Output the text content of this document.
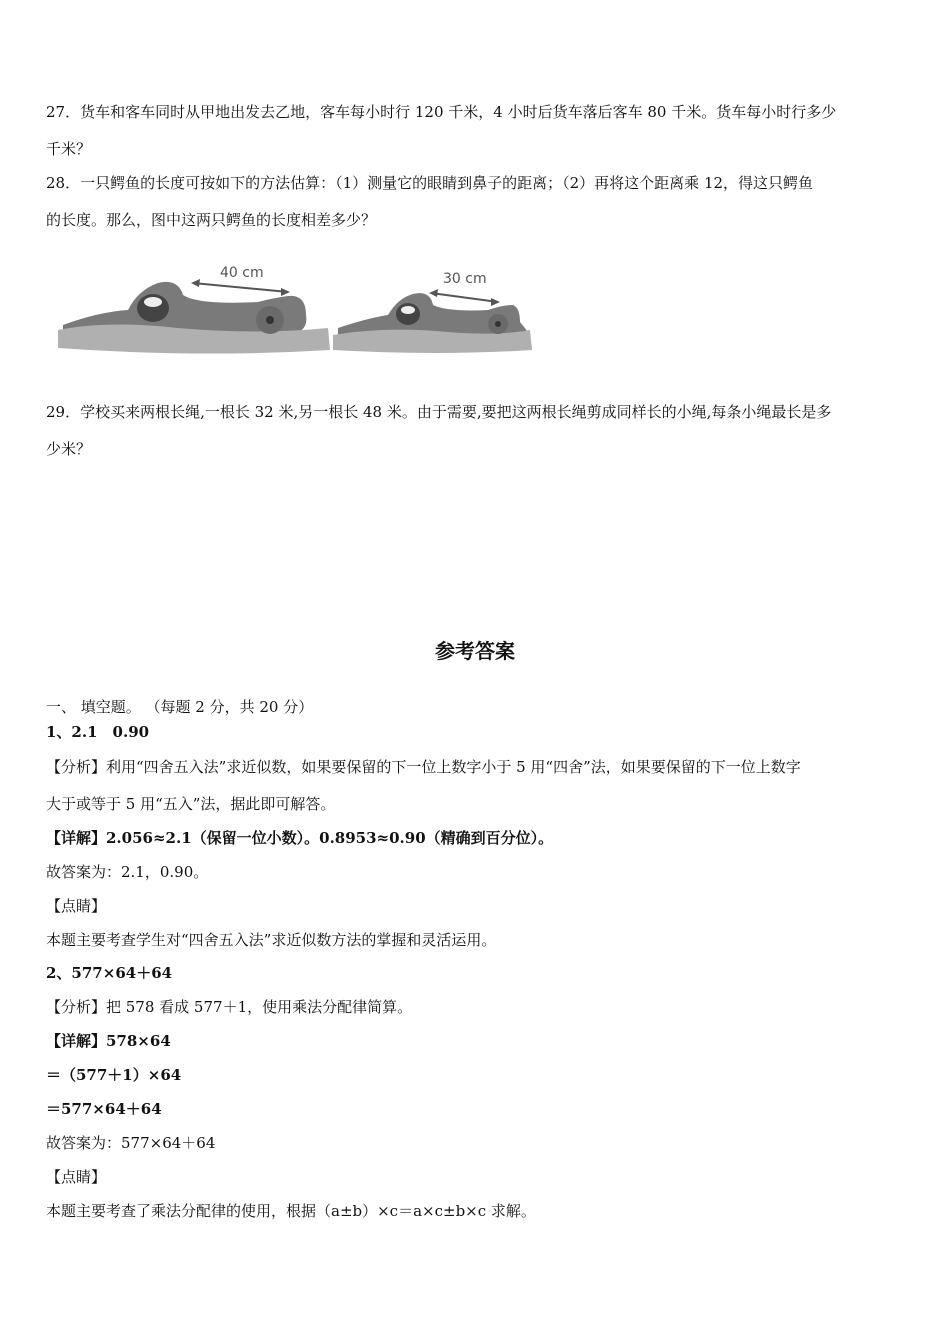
27．货车和客车同时从甲地出发去乙地，客车每小时行 120 千米，4 小时后货车落后客车 80 千米。货车每小时行多少
千米？
28．一只鳄鱼的长度可按如下的方法估算：（1）测量它的眼睛到鼻子的距离；（2）再将这个距离乘 12，得这只鳄鱼
的长度。那么，图中这两只鳄鱼的长度相差多少？
40 cm	30 cm
29．学校买来两根长绳,一根长 32 米,另一根长 48 米。由于需要,要把这两根长绳剪成同样长的小绳,每条小绳最长是多
少米？
参考答案
一、 填空题。 （每题 2 分，共 20 分）
1、2.1　0.90
【分析】利用“四舍五入法”求近似数，如果要保留的下一位上数字小于 5 用“四舍”法，如果要保留的下一位上数字
大于或等于 5 用“五入”法，据此即可解答。
【详解】2.056≈2.1（保留一位小数）。0.8953≈0.90（精确到百分位）。
故答案为：2.1，0.90。
【点睛】
本题主要考查学生对“四舍五入法”求近似数方法的掌握和灵活运用。
2、577×64＋64
【分析】把 578 看成 577＋1，使用乘法分配律简算。
【详解】578×64
＝（577＋1）×64
＝577×64＋64
故答案为：577×64＋64
【点睛】
本题主要考查了乘法分配律的使用，根据（a±b）×c＝a×c±b×c 求解。
